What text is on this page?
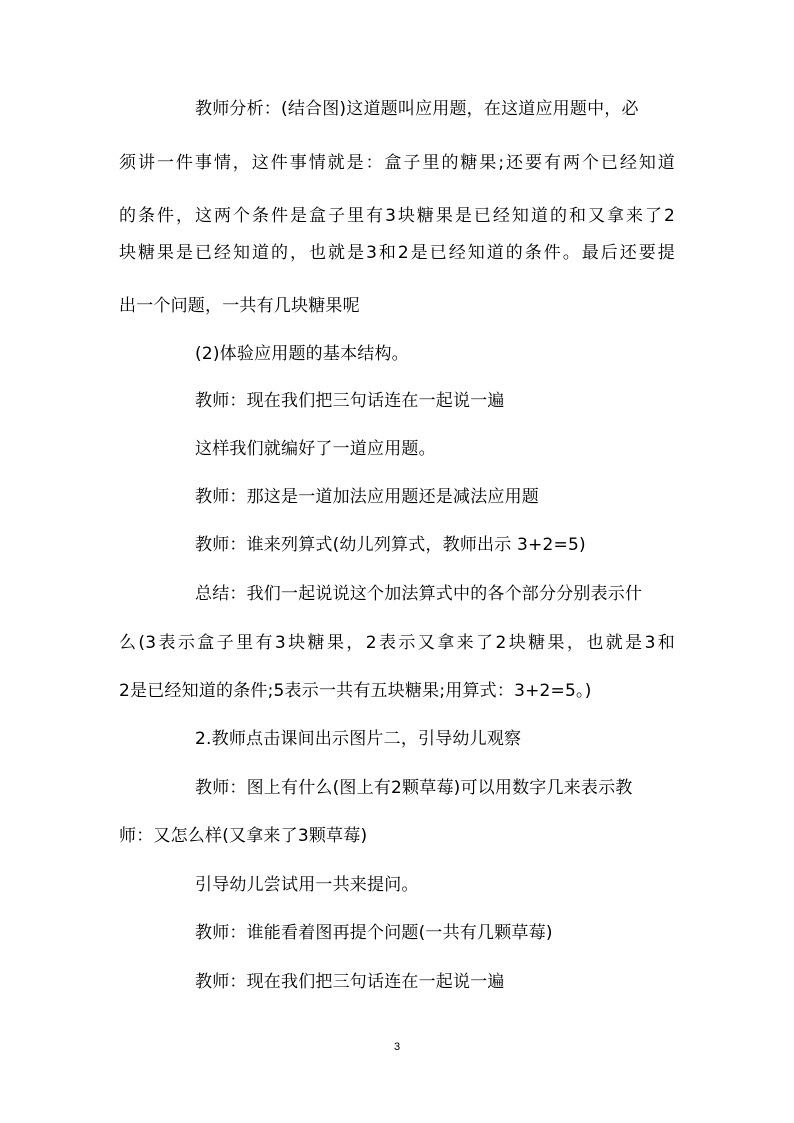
教师分析：(结合图)这道题叫应用题，在这道应用题中，必
须讲一件事情，这件事情就是：盒子里的糖果;还要有两个已经知道
的条件，这两个条件是盒子里有3块糖果是已经知道的和又拿来了2
块糖果是已经知道的，也就是3和2是已经知道的条件。最后还要提
出一个问题，一共有几块糖果呢
(2)体验应用题的基本结构。
教师：现在我们把三句话连在一起说一遍
这样我们就编好了一道应用题。
教师：那这是一道加法应用题还是减法应用题
教师：谁来列算式(幼儿列算式，教师出示 3+2=5)
总结：我们一起说说这个加法算式中的各个部分分别表示什
么(3表示盒子里有3块糖果，2表示又拿来了2块糖果，也就是3和
2是已经知道的条件;5表示一共有五块糖果;用算式：3+2=5。)
2.教师点击课间出示图片二，引导幼儿观察
教师：图上有什么(图上有2颗草莓)可以用数字几来表示教
师：又怎么样(又拿来了3颗草莓)
引导幼儿尝试用一共来提问。
教师：谁能看着图再提个问题(一共有几颗草莓)
教师：现在我们把三句话连在一起说一遍
3
